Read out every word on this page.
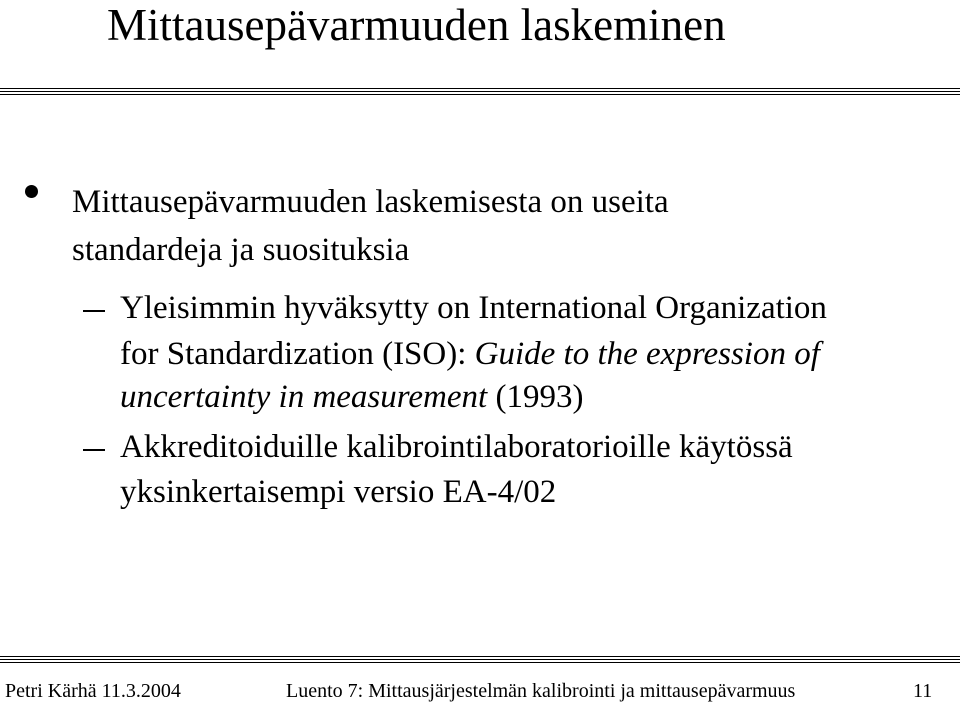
Mittausepävarmuuden laskeminen
Mittausepävarmuuden laskemisesta on useita
standardeja ja suosituksia
Yleisimmin hyväksytty on International Organization
for Standardization (ISO): Guide to the expression of
uncertainty in measurement (1993)
Akkreditoiduille kalibrointilaboratorioille käytössä
yksinkertaisempi versio EA-4/02
Petri Kärhä 11.3.2004	Luento 7: Mittausjärjestelmän kalibrointi ja mittausepävarmuus	11
